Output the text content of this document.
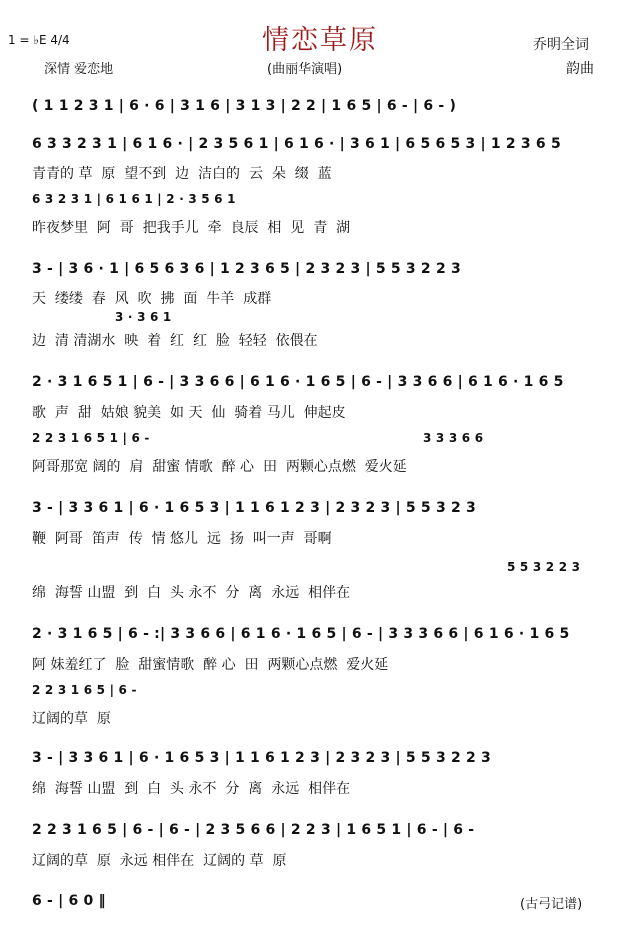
情恋草原
1 = ♭E 4/4
深情 爱恋地	(曲丽华演唱)
乔明全词
韵曲
( 1 1 2 3 1 | 6 · 6 | 3 1 6 | 3 1 3 | 2 2 | 1 6 5 | 6 - | 6 - )
6 3 3 2 3 1 | 6 1 6 · | 2 3 5 6 1 | 6 1 6 · | 3 6 1 | 6 5 6 5 3 | 1 2 3 6 5
青青的 草  原  望不到  边  洁白的  云  朵  缀  蓝
6 3 2 3 1 | 6 1 6 1 | 2 · 3 5 6 1
昨夜梦里  阿  哥  把我手儿  牵  良辰  相  见  青  湖
3 - | 3 6 · 1 | 6 5 6 3 6 | 1 2 3 6 5 | 2 3 2 3 | 5 5 3 2 2 3
天  缕缕  春  风  吹  拂  面  牛羊  成群
3 · 3 6 1
边  清 清湖水  映  着  红  红  脸  轻轻  依偎在
2 · 3 1 6 5 1 | 6 - | 3 3 6 6 | 6 1 6 · 1 6 5 | 6 - | 3 3 6 6 | 6 1 6 · 1 6 5
歌  声  甜  姑娘 貌美  如 天  仙  骑着 马儿  伸起皮
2 2 3 1 6 5 1 | 6 -	3 3 3 6 6
阿哥那宽 阔的  肩  甜蜜 情歌  醉 心  田  两颗心点燃  爱火延
3 - | 3 3 6 1 | 6 · 1 6 5 3 | 1 1 6 1 2 3 | 2 3 2 3 | 5 5 3 2 3
鞭  阿哥  笛声  传  情 悠儿  远  扬  叫一声  哥啊
5 5 3 2 2 3
绵  海誓 山盟  到  白  头 永不  分  离  永远  相伴在
2 · 3 1 6 5 | 6 - :| 3 3 6 6 | 6 1 6 · 1 6 5 | 6 - | 3 3 3 6 6 | 6 1 6 · 1 6 5
阿 妹羞红了  脸  甜蜜情歌  醉 心  田  两颗心点燃  爱火延
2 2 3 1 6 5 | 6 -
辽阔的草  原
3 - | 3 3 6 1 | 6 · 1 6 5 3 | 1 1 6 1 2 3 | 2 3 2 3 | 5 5 3 2 2 3
绵  海誓 山盟  到  白  头 永不  分  离  永远  相伴在
2 2 3 1 6 5 | 6 - | 6 - | 2 3 5 6 6 | 2 2 3 | 1 6 5 1 | 6 - | 6 -
辽阔的草  原  永远 相伴在  辽阔的 草  原
6 - | 6 0 ‖	(古弓记谱)
